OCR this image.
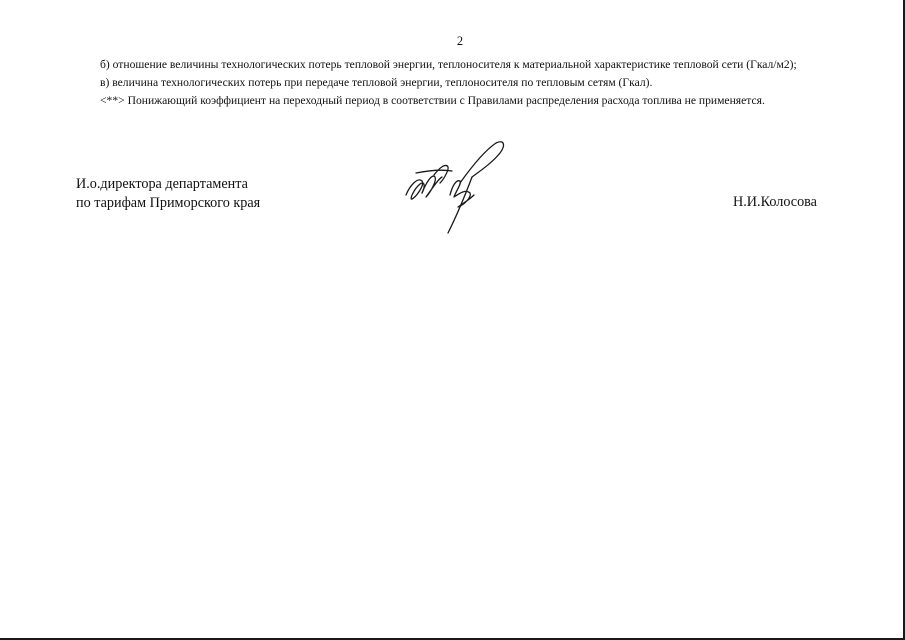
2

б) отношение величины технологических потерь тепловой энергии, теплоносителя к материальной характеристике тепловой сети (Гкал/м2);

в) величина технологических потерь при передаче тепловой энергии, теплоносителя по тепловым сетям (Гкал).

<**> Понижающий коэффициент на переходный период в соответствии с Правилами распределения расхода топлива не применяется.

И.о.директора департамента
по тарифам Приморского края	Н.И.Колосова
